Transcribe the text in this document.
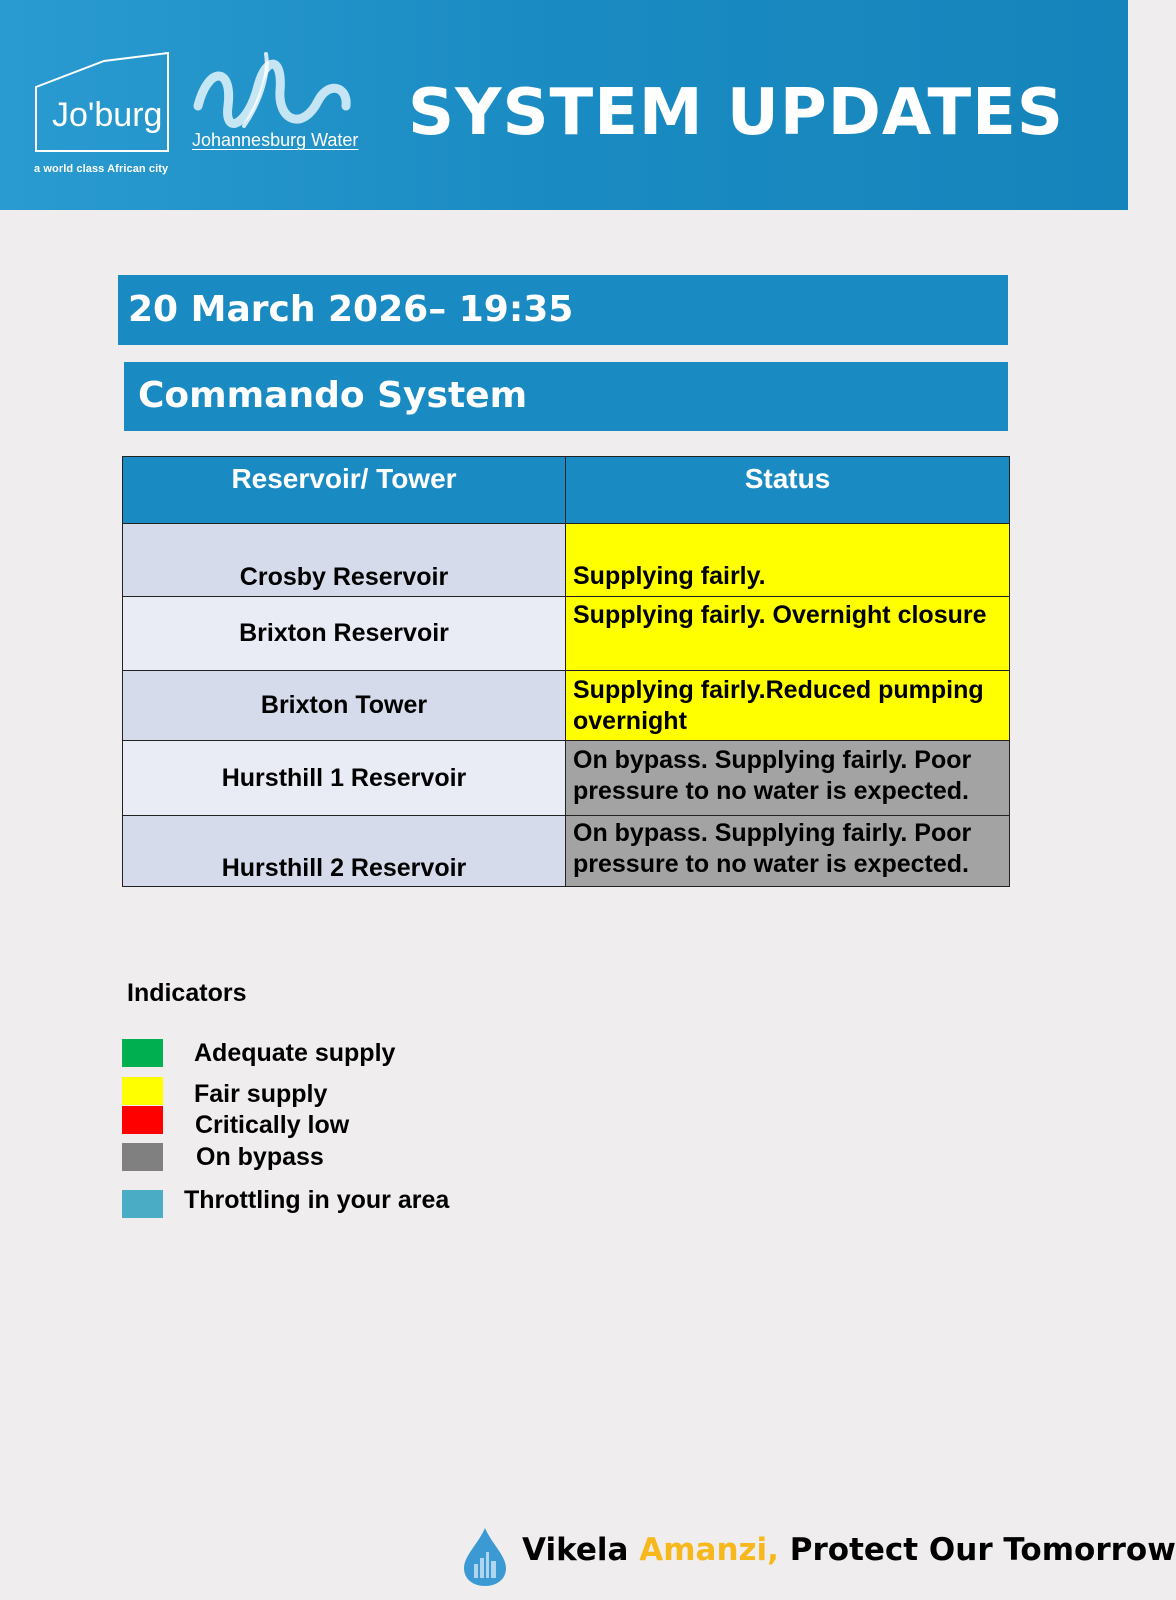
Jo'burg
a world class African city
Johannesburg Water SYSTEM UPDATES
20 March 2026– 19:35
Commando System
Reservoir/ Tower	Status
Crosby Reservoir	Supplying fairly.
Brixton Reservoir	Supplying fairly. Overnight closure
Brixton Tower	Supplying fairly.Reduced pumping overnight
Hursthill 1 Reservoir	On bypass. Supplying fairly. Poor pressure to no water is expected.
Hursthill 2 Reservoir	On bypass. Supplying fairly. Poor pressure to no water is expected.
Indicators
Adequate supply
Fair supply
Critically low
On bypass
Throttling in your area
Vikela Amanzi, Protect Our Tomorrow
